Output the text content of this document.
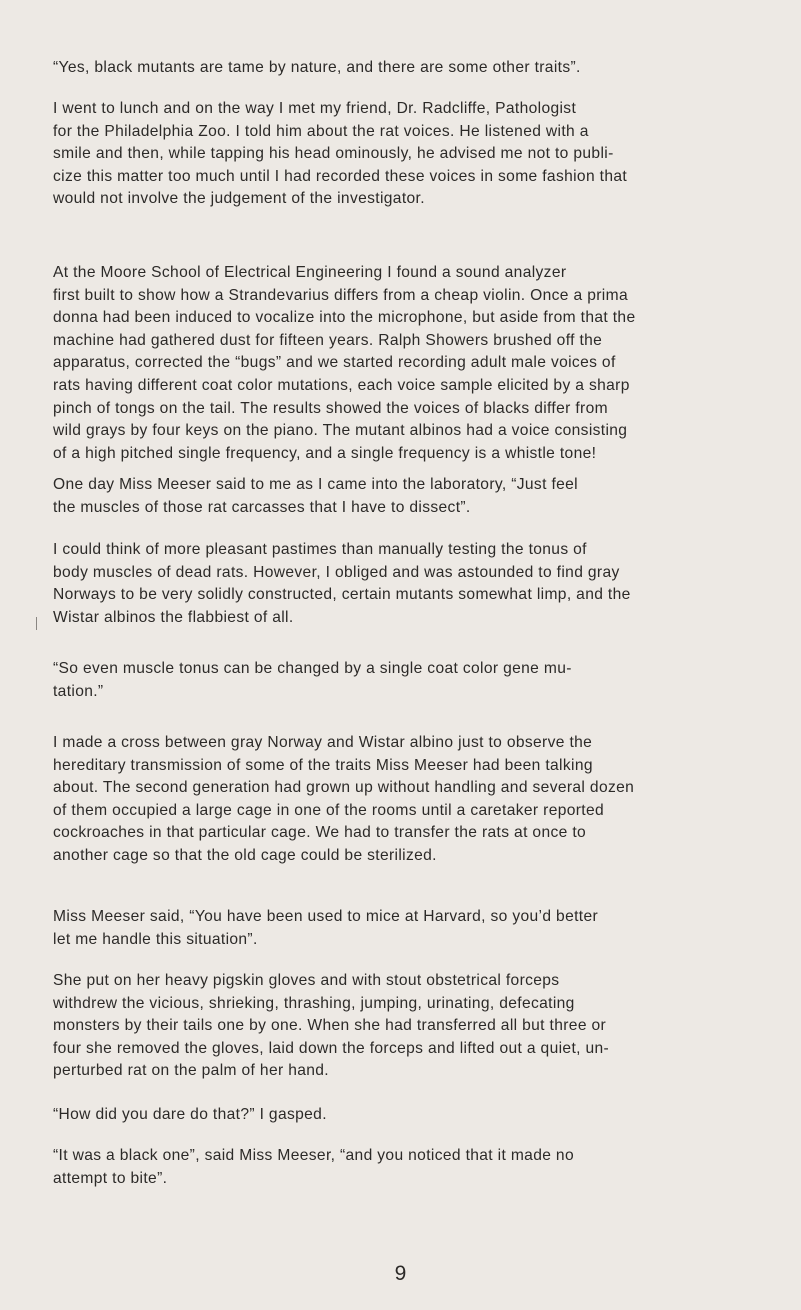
“Yes, black mutants are tame by nature, and there are some other traits”.

I went to lunch and on the way I met my friend, Dr. Radcliffe, Pathologist
for the Philadelphia Zoo. I told him about the rat voices. He listened with a
smile and then, while tapping his head ominously, he advised me not to publi-
cize this matter too much until I had recorded these voices in some fashion that
would not involve the judgement of the investigator.

At the Moore School of Electrical Engineering I found a sound analyzer
first built to show how a Strandevarius differs from a cheap violin. Once a prima
donna had been induced to vocalize into the microphone, but aside from that the
machine had gathered dust for fifteen years. Ralph Showers brushed off the
apparatus, corrected the “bugs” and we started recording adult male voices of
rats having different coat color mutations, each voice sample elicited by a sharp
pinch of tongs on the tail. The results showed the voices of blacks differ from
wild grays by four keys on the piano. The mutant albinos had a voice consisting
of a high pitched single frequency, and a single frequency is a whistle tone!

One day Miss Meeser said to me as I came into the laboratory, “Just feel
the muscles of those rat carcasses that I have to dissect”.

I could think of more pleasant pastimes than manually testing the tonus of
body muscles of dead rats. However, I obliged and was astounded to find gray
Norways to be very solidly constructed, certain mutants somewhat limp, and the
Wistar albinos the flabbiest of all.

“So even muscle tonus can be changed by a single coat color gene mu-
tation.”

I made a cross between gray Norway and Wistar albino just to observe the
hereditary transmission of some of the traits Miss Meeser had been talking
about. The second generation had grown up without handling and several dozen
of them occupied a large cage in one of the rooms until a caretaker reported
cockroaches in that particular cage. We had to transfer the rats at once to
another cage so that the old cage could be sterilized.

Miss Meeser said, “You have been used to mice at Harvard, so you’d better
let me handle this situation”.

She put on her heavy pigskin gloves and with stout obstetrical forceps
withdrew the vicious, shrieking, thrashing, jumping, urinating, defecating
monsters by their tails one by one. When she had transferred all but three or
four she removed the gloves, laid down the forceps and lifted out a quiet, un-
perturbed rat on the palm of her hand.

“How did you dare do that?” I gasped.

“It was a black one”, said Miss Meeser, “and you noticed that it made no
attempt to bite”.

9
